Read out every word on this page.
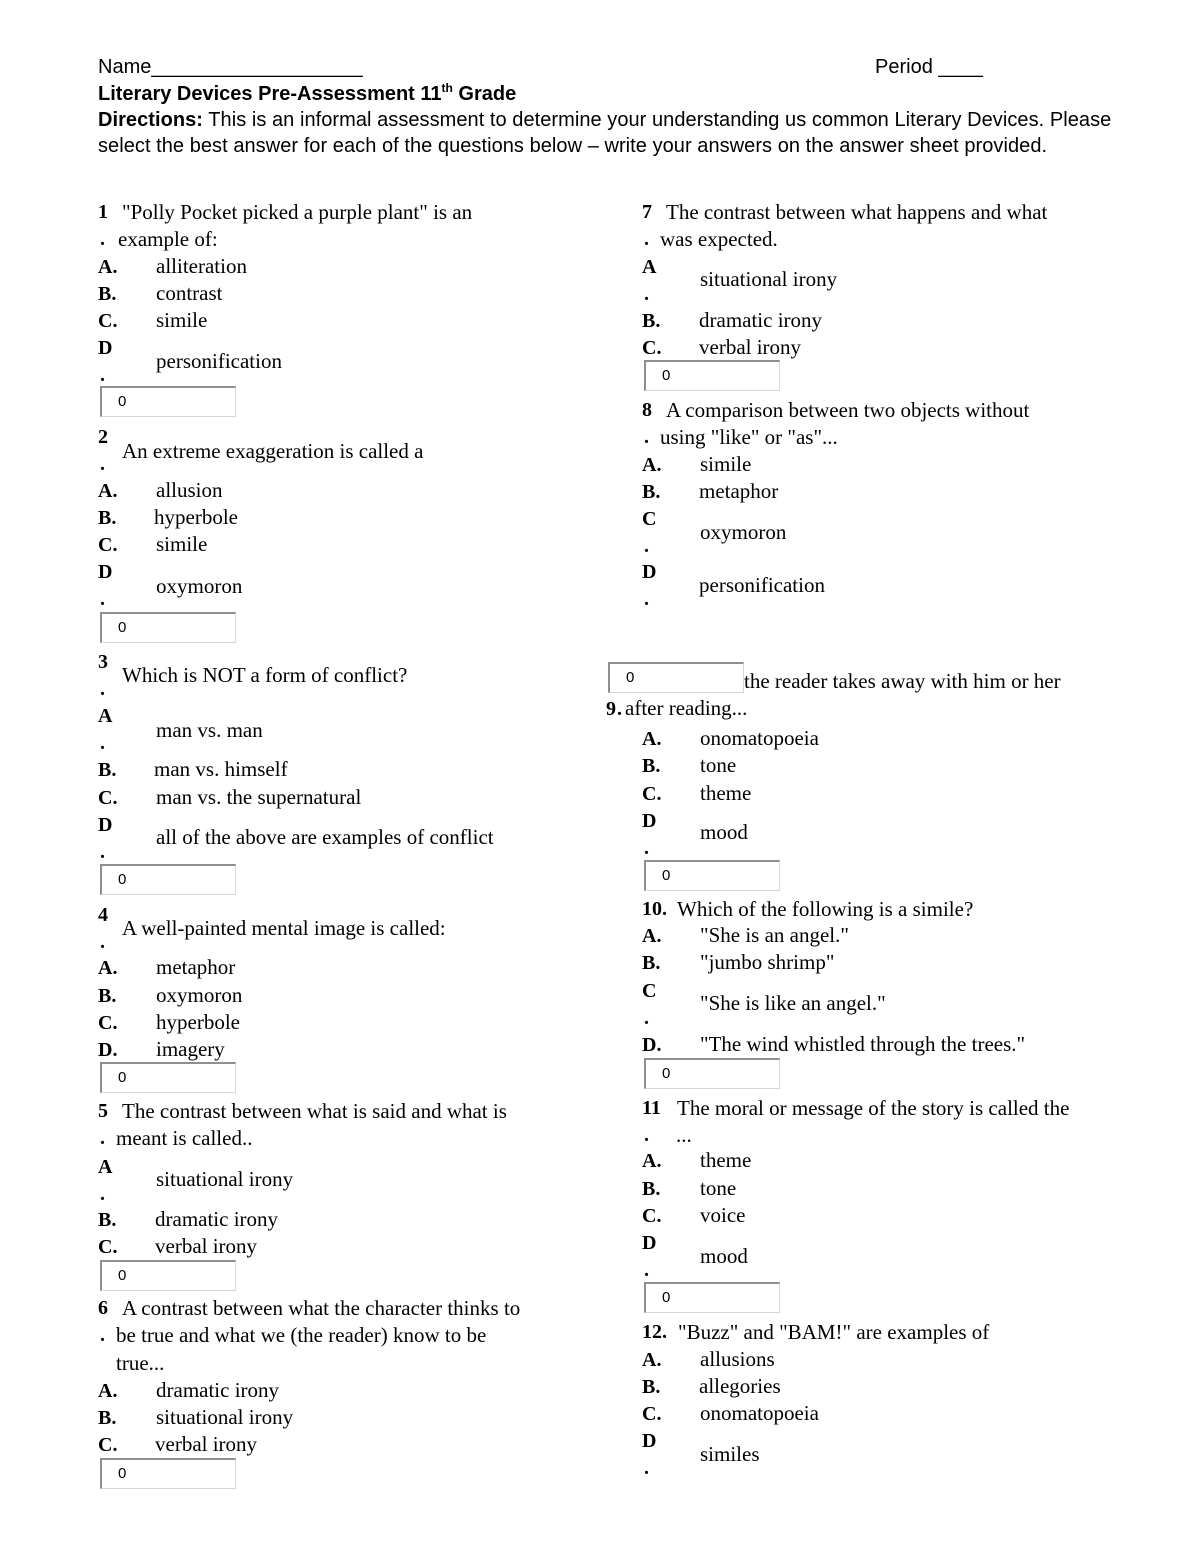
Name___________________	Period ____
Literary Devices Pre-Assessment 11th Grade
Directions: This is an informal assessment to determine your understanding us common Literary Devices. Please select the best answer for each of the questions below – write your answers on the answer sheet provided.
1
.
"Polly Pocket picked a purple plant" is an
example of:
A. alliteration
B. contrast
C. simile
D
.
personification
0
2
.
An extreme exaggeration is called a
A. allusion
B. hyperbole
C. simile
D
.
oxymoron
0
3
.
Which is NOT a form of conflict?
A
.
man vs. man
B. man vs. himself
C. man vs. the supernatural
D
.
all of the above are examples of conflict
0
4
.
A well-painted mental image is called:
A. metaphor
B. oxymoron
C. hyperbole
D. imagery
0
5
.
The contrast between what is said and what is
meant is called..
A
.
situational irony
B. dramatic irony
C. verbal irony
0
6
.
A contrast between what the character thinks to
be true and what we (the reader) know to be
true...
A. dramatic irony
B. situational irony
C. verbal irony
0
7
.
The contrast between what happens and what
was expected.
A
.
situational irony
B. dramatic irony
C. verbal irony
0
8
.
A comparison between two objects without
using "like" or "as"...
A. simile
B. metaphor
C
.
oxymoron
D
.
personification
the reader takes away with him or her
0
9 . after reading...
A. onomatopoeia
B. tone
C. theme
D
.
mood
0
10. Which of the following is a simile?
A. "She is an angel."
B. "jumbo shrimp"
C
.
"She is like an angel."
D. "The wind whistled through the trees."
0
11
.
The moral or message of the story is called the
...
A. theme
B. tone
C. voice
D
.
mood
0
12. "Buzz" and "BAM!" are examples of
A. allusions
B. allegories
C. onomatopoeia
D
.
similes
